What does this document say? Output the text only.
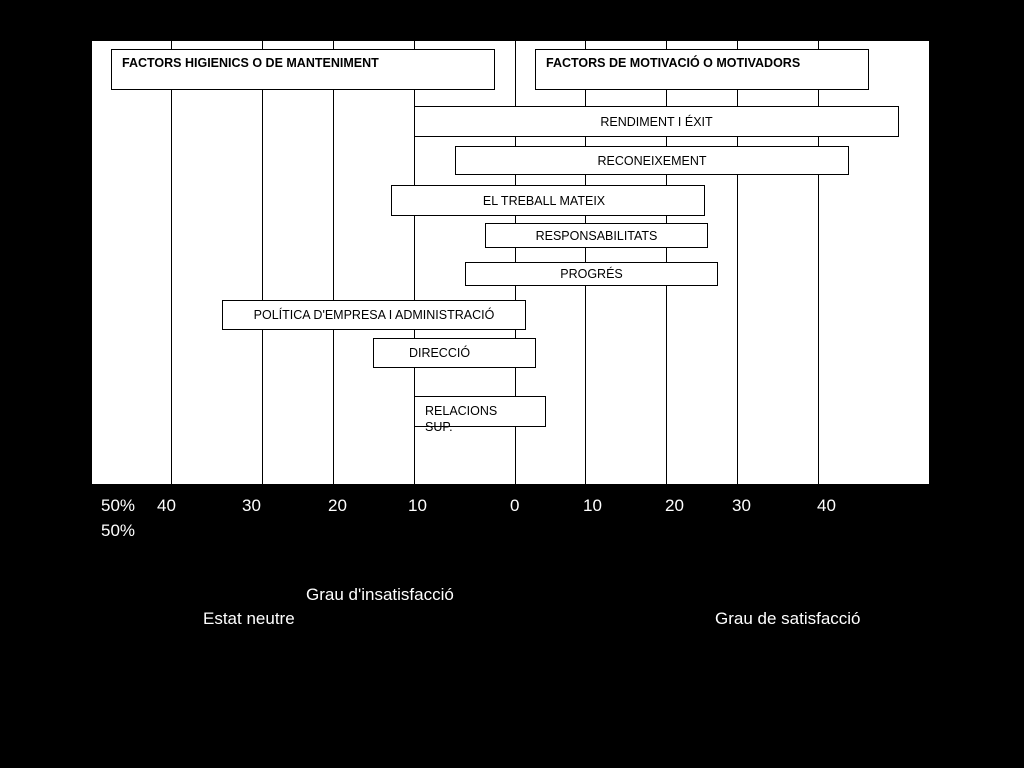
FACTORS HIGIENICS O DE MANTENIMENT	FACTORS DE MOTIVACIÓ O MOTIVADORS
RENDIMENT I ÉXIT
RECONEIXEMENT
EL TREBALL MATEIX
RESPONSABILITATS
PROGRÉS
POLÍTICA D'EMPRESA I ADMINISTRACIÓ
DIRECCIÓ
RELACIONS SUP.
50%
50%
40	30	20	10	0	10	20	30	40
Grau d'insatisfacció
Estat neutre	Grau de satisfacció
